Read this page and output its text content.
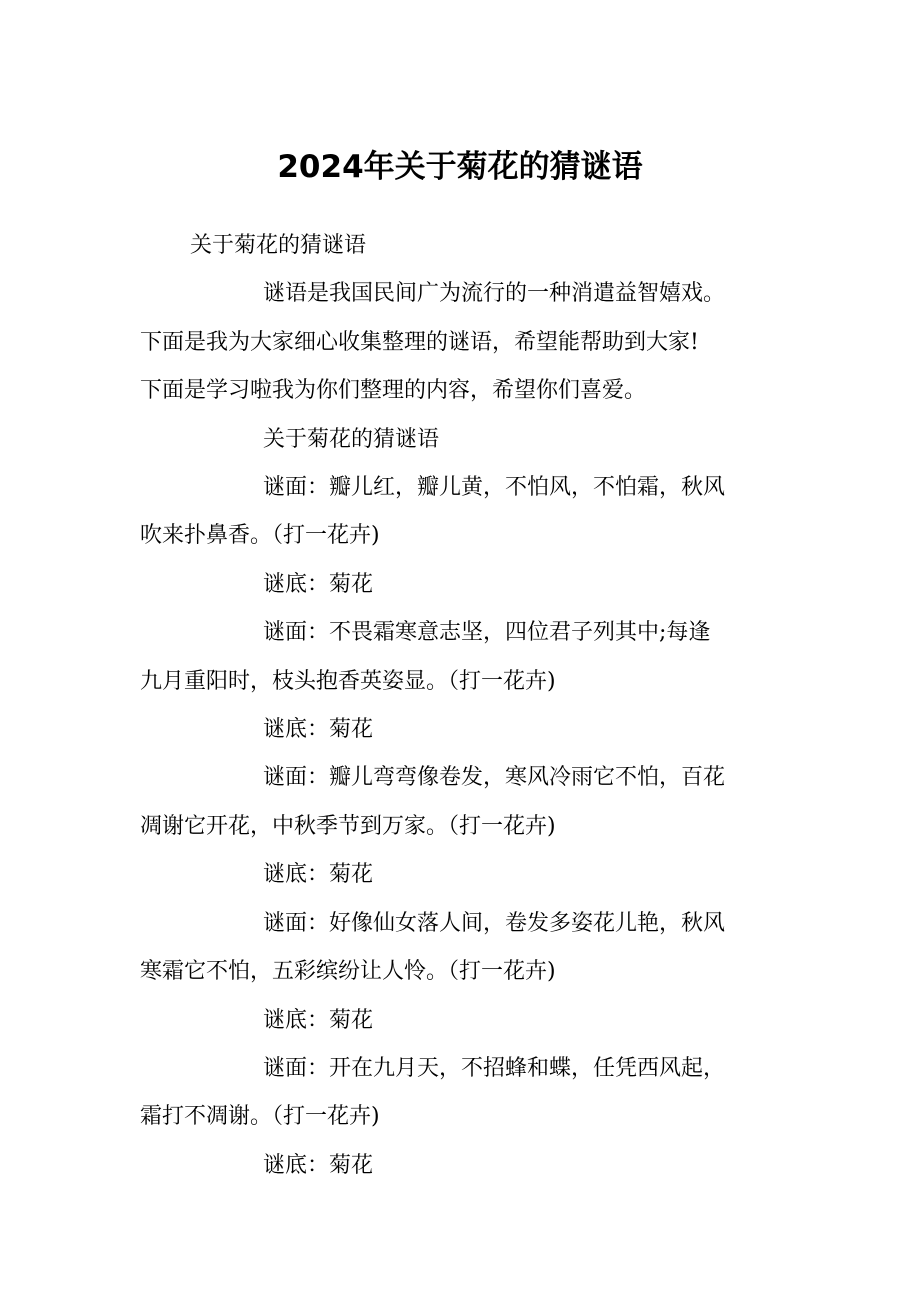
2024年关于菊花的猜谜语

关于菊花的猜谜语

谜语是我国民间广为流行的一种消遣益智嬉戏。

下面是我为大家细心收集整理的谜语，希望能帮助到大家!

下面是学习啦我为你们整理的内容，希望你们喜爱。

关于菊花的猜谜语

谜面：瓣儿红，瓣儿黄，不怕风，不怕霜，秋风

吹来扑鼻香。（打一花卉)

谜底：菊花

谜面：不畏霜寒意志坚，四位君子列其中;每逢

九月重阳时，枝头抱香英姿显。（打一花卉)

谜底：菊花

谜面：瓣儿弯弯像卷发，寒风冷雨它不怕，百花

凋谢它开花，中秋季节到万家。（打一花卉)

谜底：菊花

谜面：好像仙女落人间，卷发多姿花儿艳，秋风

寒霜它不怕，五彩缤纷让人怜。（打一花卉)

谜底：菊花

谜面：开在九月天，不招蜂和蝶，任凭西风起，

霜打不凋谢。（打一花卉)

谜底：菊花
